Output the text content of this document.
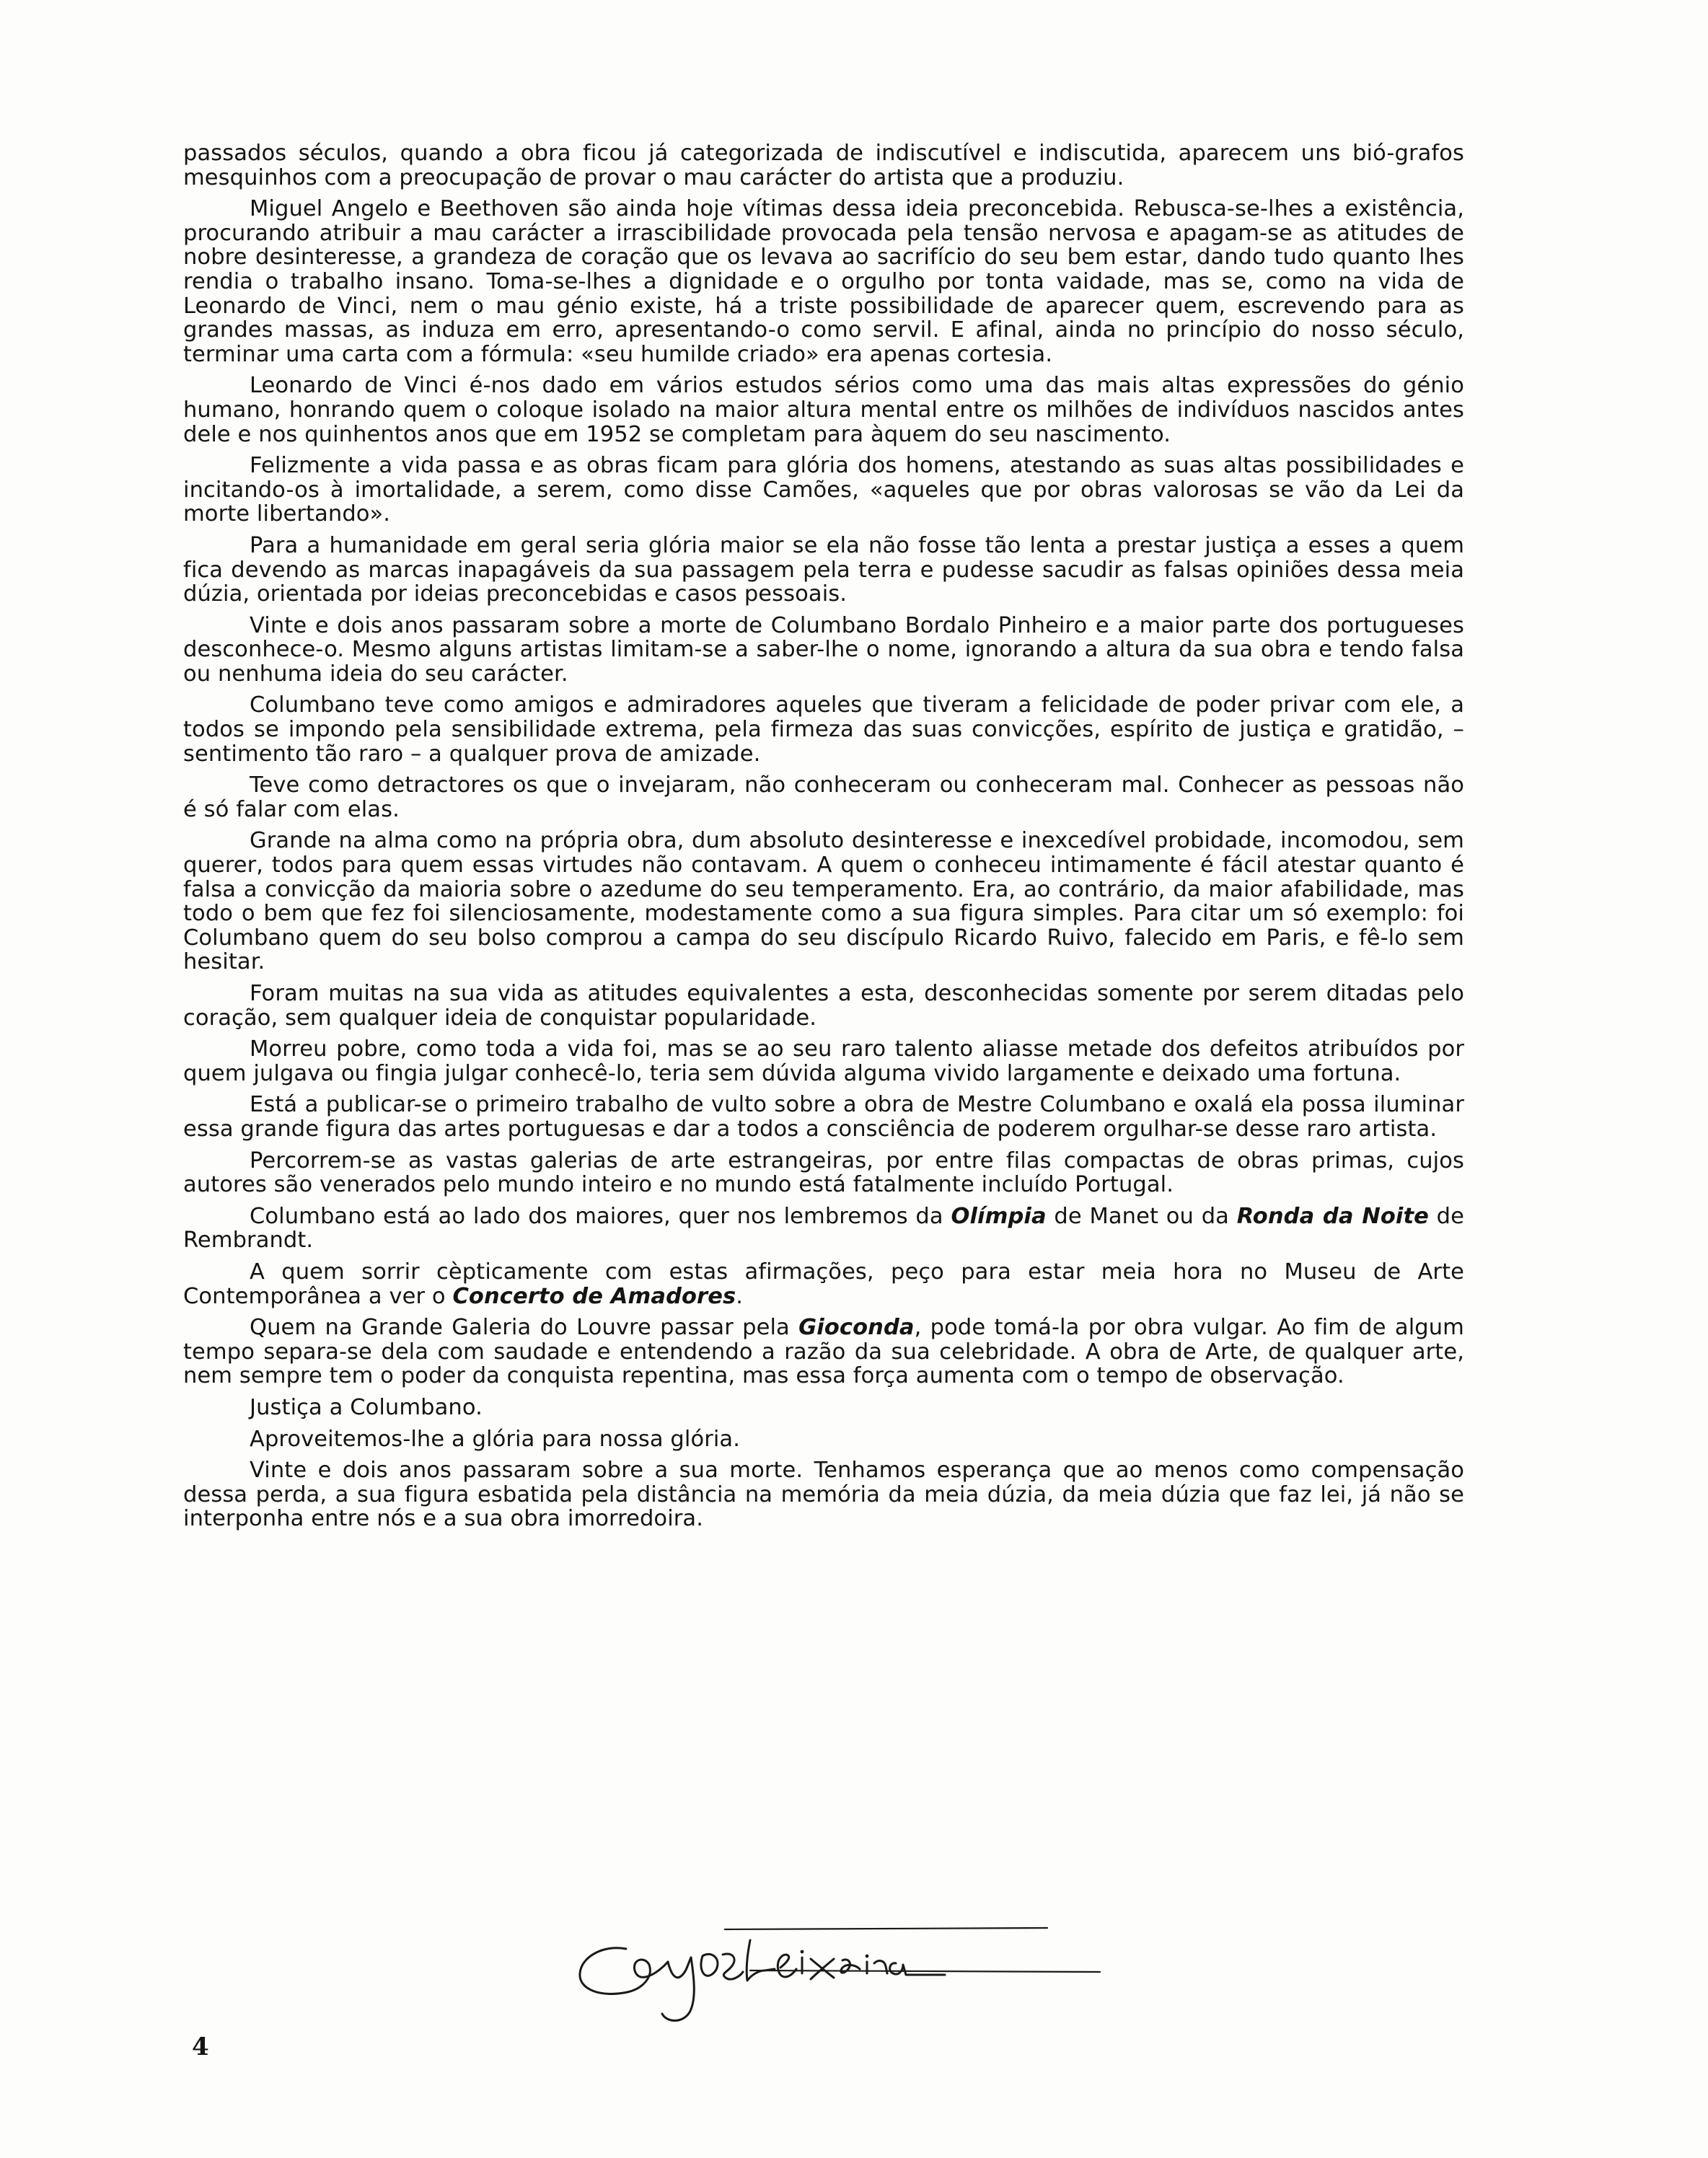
passados séculos, quando a obra ficou já categorizada de indiscutível e indiscutida, aparecem uns bió-grafos mesquinhos com a preocupação de provar o mau carácter do artista que a produziu.

Miguel Angelo e Beethoven são ainda hoje vítimas dessa ideia preconcebida. Rebusca-se-lhes a existência, procurando atribuir a mau carácter a irrascibilidade provocada pela tensão nervosa e apagam-se as atitudes de nobre desinteresse, a grandeza de coração que os levava ao sacrifício do seu bem estar, dando tudo quanto lhes rendia o trabalho insano. Toma-se-lhes a dignidade e o orgulho por tonta vaidade, mas se, como na vida de Leonardo de Vinci, nem o mau génio existe, há a triste possibilidade de aparecer quem, escrevendo para as grandes massas, as induza em erro, apresentando-o como servil. E afinal, ainda no princípio do nosso século, terminar uma carta com a fórmula: «seu humilde criado» era apenas cortesia.

Leonardo de Vinci é-nos dado em vários estudos sérios como uma das mais altas expressões do génio humano, honrando quem o coloque isolado na maior altura mental entre os milhões de indivíduos nascidos antes dele e nos quinhentos anos que em 1952 se completam para àquem do seu nascimento.

Felizmente a vida passa e as obras ficam para glória dos homens, atestando as suas altas possibilidades e incitando-os à imortalidade, a serem, como disse Camões, «aqueles que por obras valorosas se vão da Lei da morte libertando».

Para a humanidade em geral seria glória maior se ela não fosse tão lenta a prestar justiça a esses a quem fica devendo as marcas inapagáveis da sua passagem pela terra e pudesse sacudir as falsas opiniões dessa meia dúzia, orientada por ideias preconcebidas e casos pessoais.

Vinte e dois anos passaram sobre a morte de Columbano Bordalo Pinheiro e a maior parte dos portugueses desconhece-o. Mesmo alguns artistas limitam-se a saber-lhe o nome, ignorando a altura da sua obra e tendo falsa ou nenhuma ideia do seu carácter.

Columbano teve como amigos e admiradores aqueles que tiveram a felicidade de poder privar com ele, a todos se impondo pela sensibilidade extrema, pela firmeza das suas convicções, espírito de justiça e gratidão, – sentimento tão raro – a qualquer prova de amizade.

Teve como detractores os que o invejaram, não conheceram ou conheceram mal. Conhecer as pessoas não é só falar com elas.

Grande na alma como na própria obra, dum absoluto desinteresse e inexcedível probidade, incomodou, sem querer, todos para quem essas virtudes não contavam. A quem o conheceu intimamente é fácil atestar quanto é falsa a convicção da maioria sobre o azedume do seu temperamento. Era, ao contrário, da maior afabilidade, mas todo o bem que fez foi silenciosamente, modestamente como a sua figura simples. Para citar um só exemplo: foi Columbano quem do seu bolso comprou a campa do seu discípulo Ricardo Ruivo, falecido em Paris, e fê-lo sem hesitar.

Foram muitas na sua vida as atitudes equivalentes a esta, desconhecidas somente por serem ditadas pelo coração, sem qualquer ideia de conquistar popularidade.

Morreu pobre, como toda a vida foi, mas se ao seu raro talento aliasse metade dos defeitos atribuídos por quem julgava ou fingia julgar conhecê-lo, teria sem dúvida alguma vivido largamente e deixado uma fortuna.

Está a publicar-se o primeiro trabalho de vulto sobre a obra de Mestre Columbano e oxalá ela possa iluminar essa grande figura das artes portuguesas e dar a todos a consciência de poderem orgulhar-se desse raro artista.

Percorrem-se as vastas galerias de arte estrangeiras, por entre filas compactas de obras primas, cujos autores são venerados pelo mundo inteiro e no mundo está fatalmente incluído Portugal.

Columbano está ao lado dos maiores, quer nos lembremos da Olímpia de Manet ou da Ronda da Noite de Rembrandt.

A quem sorrir cèpticamente com estas afirmações, peço para estar meia hora no Museu de Arte Contemporânea a ver o Concerto de Amadores.

Quem na Grande Galeria do Louvre passar pela Gioconda, pode tomá-la por obra vulgar. Ao fim de algum tempo separa-se dela com saudade e entendendo a razão da sua celebridade. A obra de Arte, de qualquer arte, nem sempre tem o poder da conquista repentina, mas essa força aumenta com o tempo de observação.

Justiça a Columbano.

Aproveitemos-lhe a glória para nossa glória.

Vinte e dois anos passaram sobre a sua morte. Tenhamos esperança que ao menos como compensação dessa perda, a sua figura esbatida pela distância na memória da meia dúzia, da meia dúzia que faz lei, já não se interponha entre nós e a sua obra imorredoira.

4
